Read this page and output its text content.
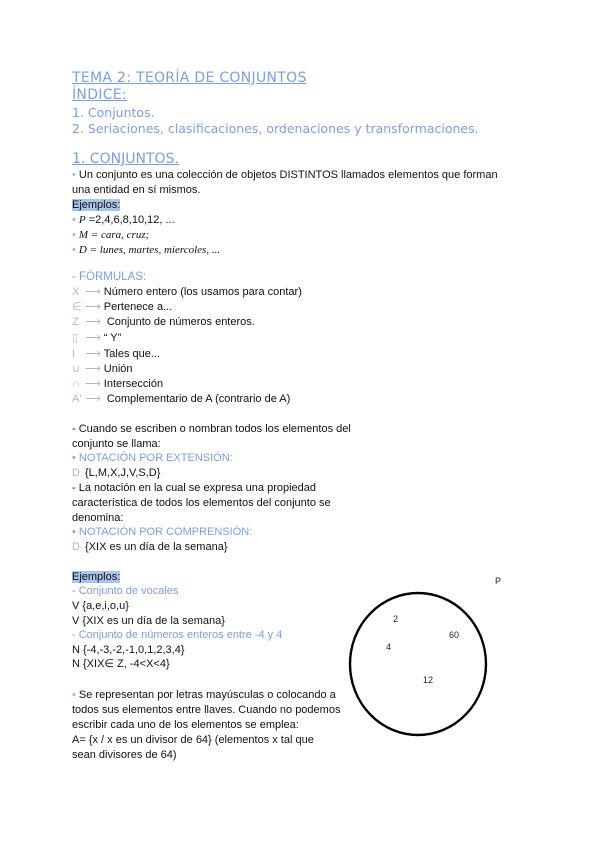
TEMA 2: TEORÍA DE CONJUNTOS
ÍNDICE:
1. Conjuntos.
2. Seriaciones, clasificaciones, ordenaciones y transformaciones.
1. CONJUNTOS.
• Un conjunto es una colección de objetos DISTINTOS llamados elementos que forman una entidad en sí mismos.
Ejemplos:
• P =2,4,6,8,10,12, ...
• M = cara, cruz;
• D = lunes, martes, miercoles, ...
- FÓRMULAS:
X ⟶ Número entero (los usamos para contar)
∈ ⟶ Pertenece a...
Z ⟶ Conjunto de números enteros.
▯ ⟶ “ Y”
I ⟶ Tales que...
∪ ⟶ Unión
∩ ⟶ Intersección
A' ⟶ Complementario de A (contrario de A)
- Cuando se escriben o nombran todos los elementos del conjunto se llama:
• NOTACIÓN POR EXTENSIÓN:
D {L,M,X,J,V,S,D}
- La notación en la cual se expresa una propiedad característica de todos los elementos del conjunto se denomina:
• NOTACIÓN POR COMPRENSIÓN:
D {XIX es un día de la semana}
Ejemplos:
- Conjunto de vocales
V {a,e,i,o,u}
V {XIX es un día de la semana}
- Conjunto de números enteros entre -4 y 4
N {-4,-3,-2,-1,0,1,2,3,4}
N {XIX∈ Z, -4<X<4}
• Se representan por letras mayúsculas o colocando a todos sus elementos entre llaves. Cuando no podemos escribir cada uno de los elementos se emplea:
A= {x / x es un divisor de 64} (elementos x tal que sean divisores de 64)
P
2
60
4
12
